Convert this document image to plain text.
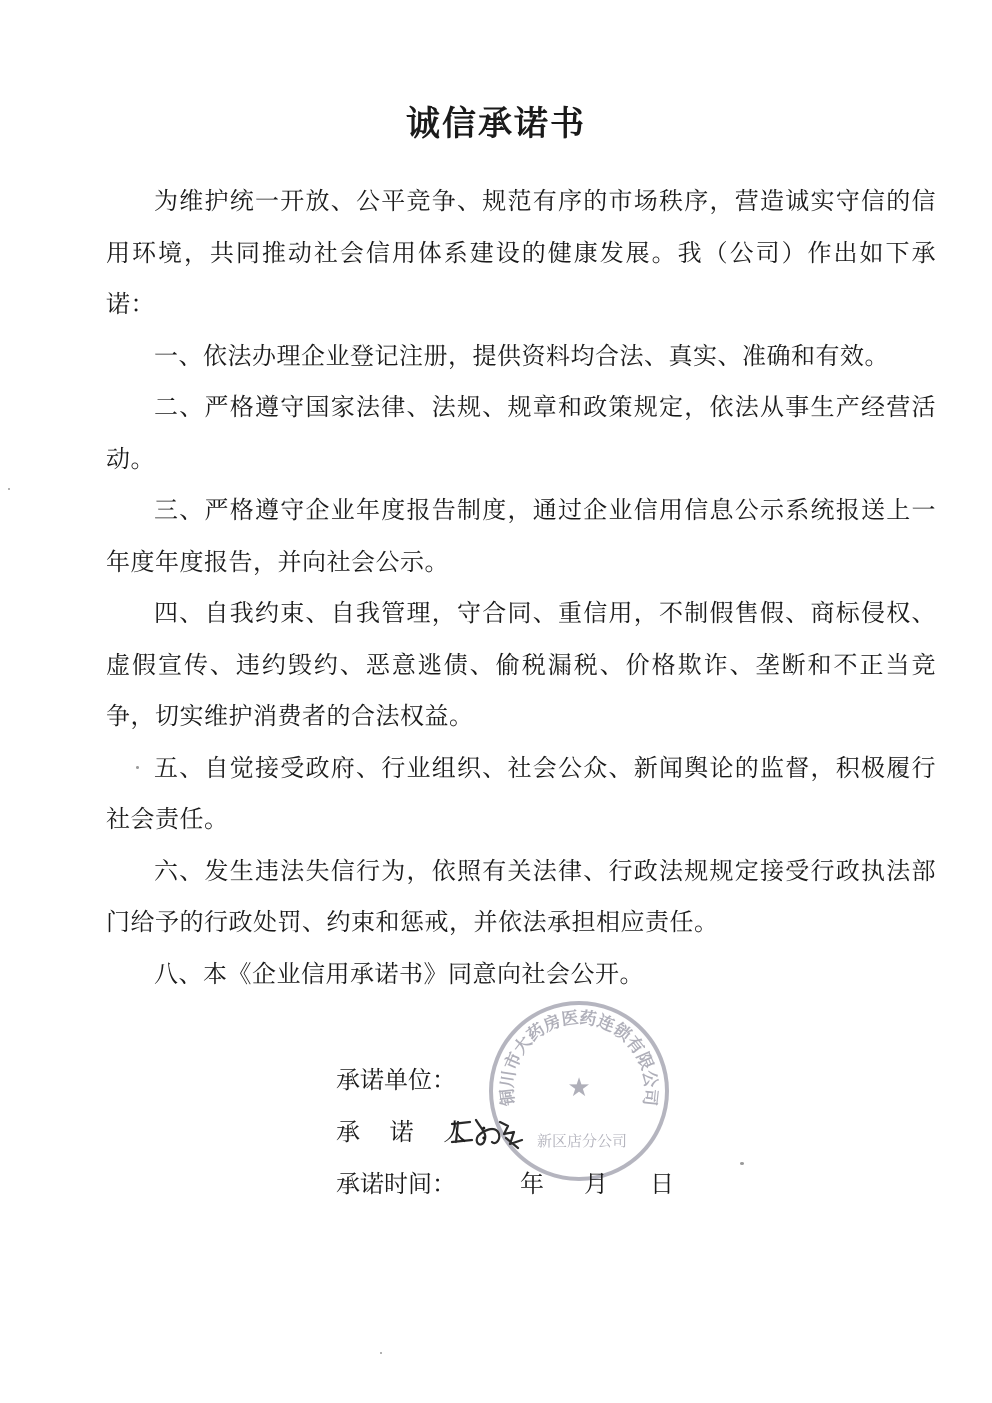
诚信承诺书

为维护统一开放、公平竞争、规范有序的市场秩序，营造诚实守信的信用环境，共同推动社会信用体系建设的健康发展。我（公司）作出如下承诺：

一、依法办理企业登记注册，提供资料均合法、真实、准确和有效。

二、严格遵守国家法律、法规、规章和政策规定，依法从事生产经营活动。

三、严格遵守企业年度报告制度，通过企业信用信息公示系统报送上一年度年度报告，并向社会公示。

四、自我约束、自我管理，守合同、重信用，不制假售假、商标侵权、虚假宣传、违约毁约、恶意逃债、偷税漏税、价格欺诈、垄断和不正当竞争，切实维护消费者的合法权益。

五、自觉接受政府、行业组织、社会公众、新闻舆论的监督，积极履行社会责任。

六、发生违法失信行为，依照有关法律、行政法规规定接受行政执法部门给予的行政处罚、约束和惩戒，并依法承担相应责任。

八、本《企业信用承诺书》同意向社会公开。

铜川市大药房医药连锁有限公司
★
新区店分公司
承诺单位：
承 诺 人：
承诺时间：	年 月 日
